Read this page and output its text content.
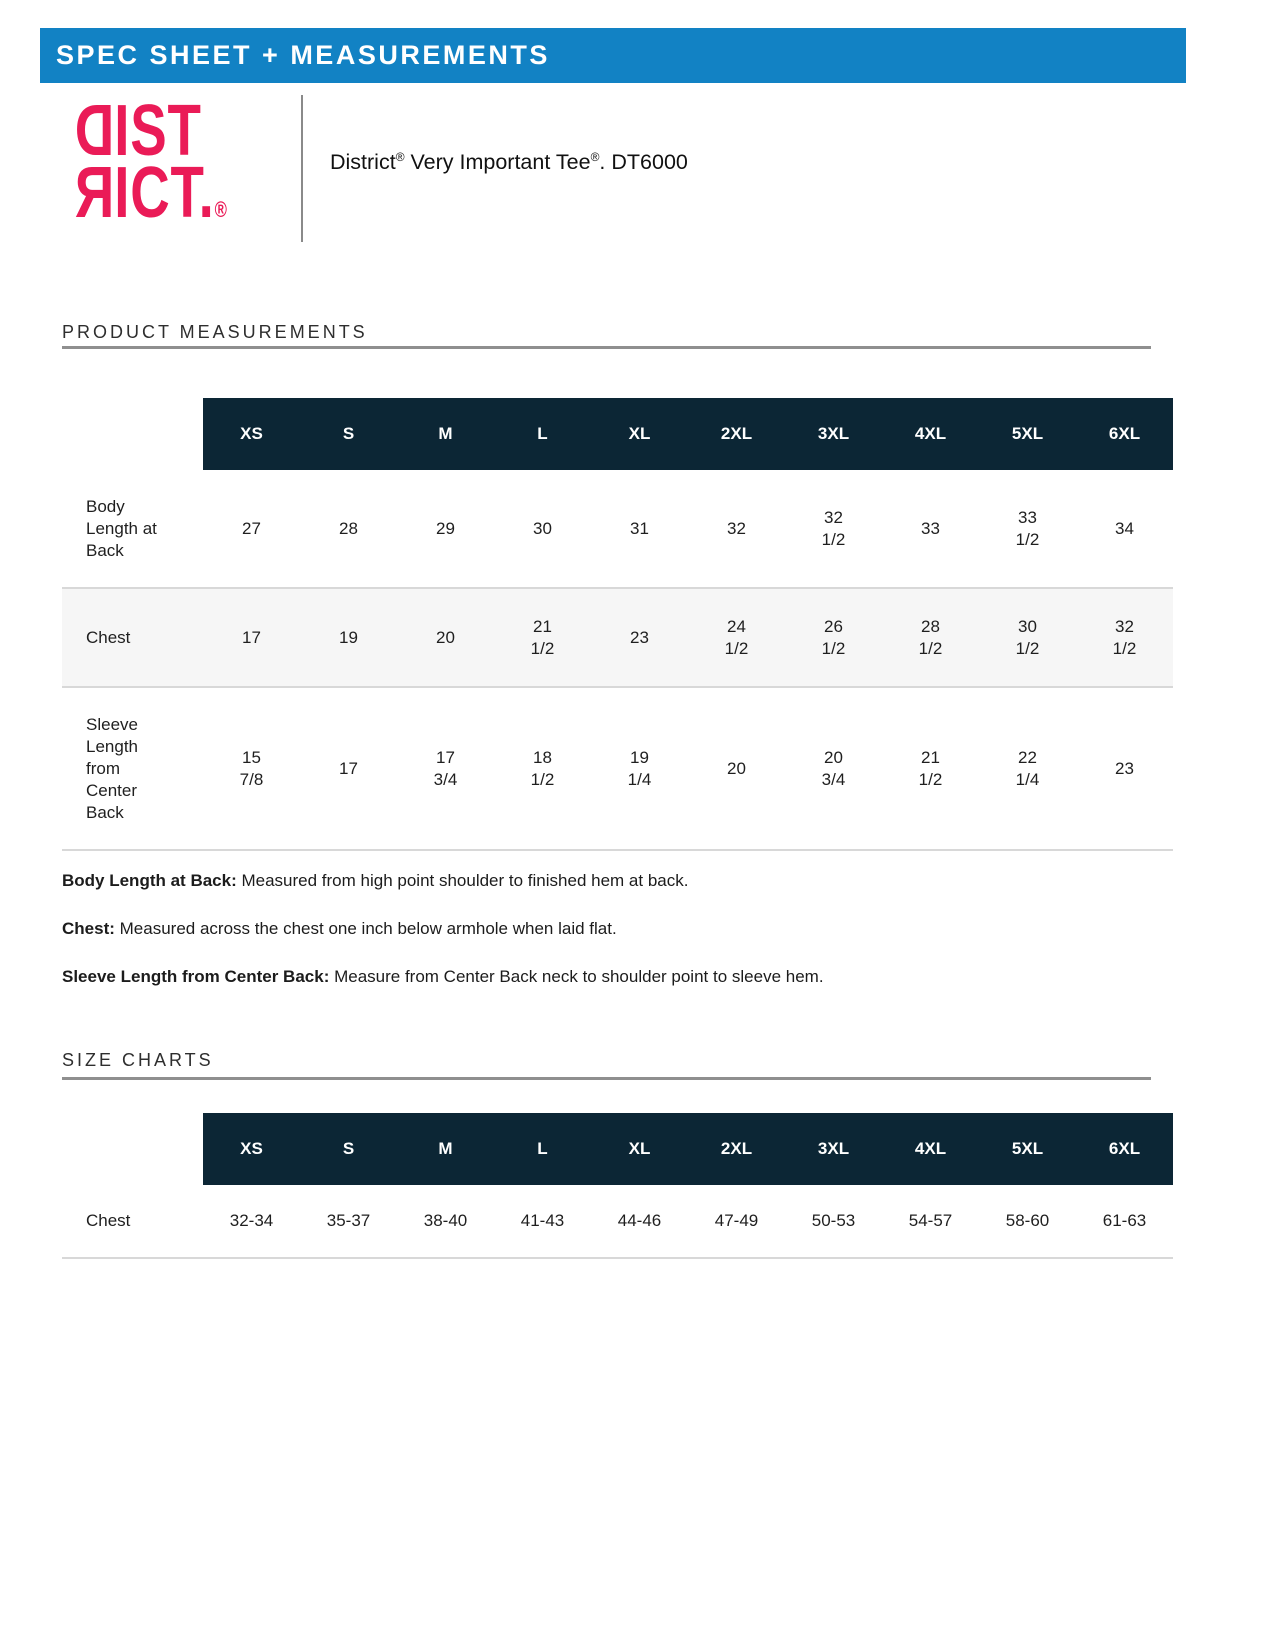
SPEC SHEET + MEASUREMENTS
DIST
RICT.®
District® Very Important Tee®. DT6000
PRODUCT MEASUREMENTS
	XS	S	M	L	XL	2XL	3XL	4XL	5XL	6XL
Body Length at Back	27	28	29	30	31	32	32 1/2	33	33 1/2	34
Chest	17	19	20	21 1/2	23	24 1/2	26 1/2	28 1/2	30 1/2	32 1/2
Sleeve Length from Center Back	15 7/8	17	17 3/4	18 1/2	19 1/4	20	20 3/4	21 1/2	22 1/4	23

Body Length at Back: Measured from high point shoulder to finished hem at back.

Chest: Measured across the chest one inch below armhole when laid flat.

Sleeve Length from Center Back: Measure from Center Back neck to shoulder point to sleeve hem.

SIZE CHARTS
	XS	S	M	L	XL	2XL	3XL	4XL	5XL	6XL
Chest	32-34	35-37	38-40	41-43	44-46	47-49	50-53	54-57	58-60	61-63
